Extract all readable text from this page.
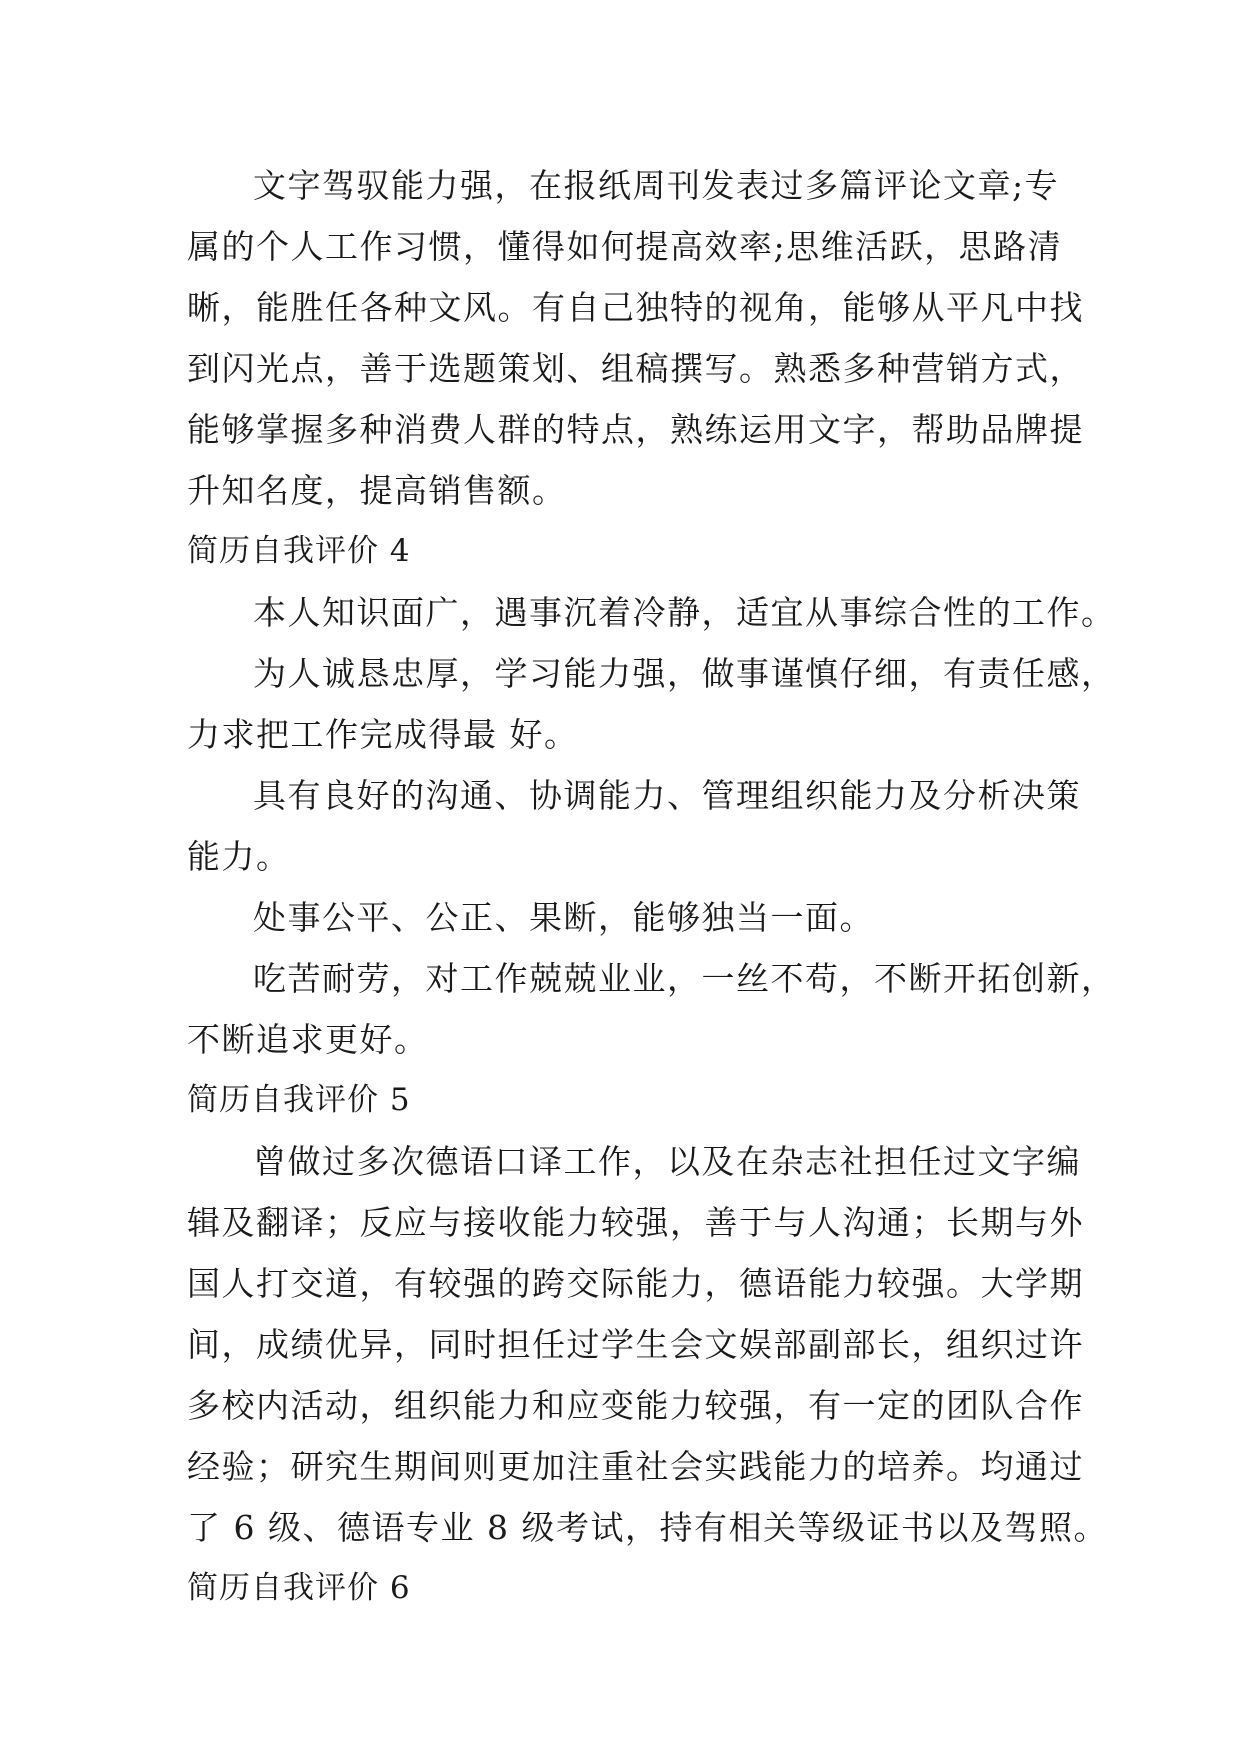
文字驾驭能力强，在报纸周刊发表过多篇评论文章;专
属的个人工作习惯，懂得如何提高效率;思维活跃，思路清
晰，能胜任各种文风。有自己独特的视角，能够从平凡中找
到闪光点，善于选题策划、组稿撰写。熟悉多种营销方式，
能够掌握多种消费人群的特点，熟练运用文字，帮助品牌提
升知名度，提高销售额。
简历自我评价 4
本人知识面广，遇事沉着冷静，适宜从事综合性的工作。
为人诚恳忠厚，学习能力强，做事谨慎仔细，有责任感，
力求把工作完成得最 好。
具有良好的沟通、协调能力、管理组织能力及分析决策
能力。
处事公平、公正、果断，能够独当一面。
吃苦耐劳，对工作兢兢业业，一丝不苟，不断开拓创新，
不断追求更好。
简历自我评价 5
曾做过多次德语口译工作，以及在杂志社担任过文字编
辑及翻译；反应与接收能力较强，善于与人沟通；长期与外
国人打交道，有较强的跨交际能力，德语能力较强。大学期
间，成绩优异，同时担任过学生会文娱部副部长，组织过许
多校内活动，组织能力和应变能力较强，有一定的团队合作
经验；研究生期间则更加注重社会实践能力的培养。均通过
了 6 级、德语专业 8 级考试，持有相关等级证书以及驾照。
简历自我评价 6
